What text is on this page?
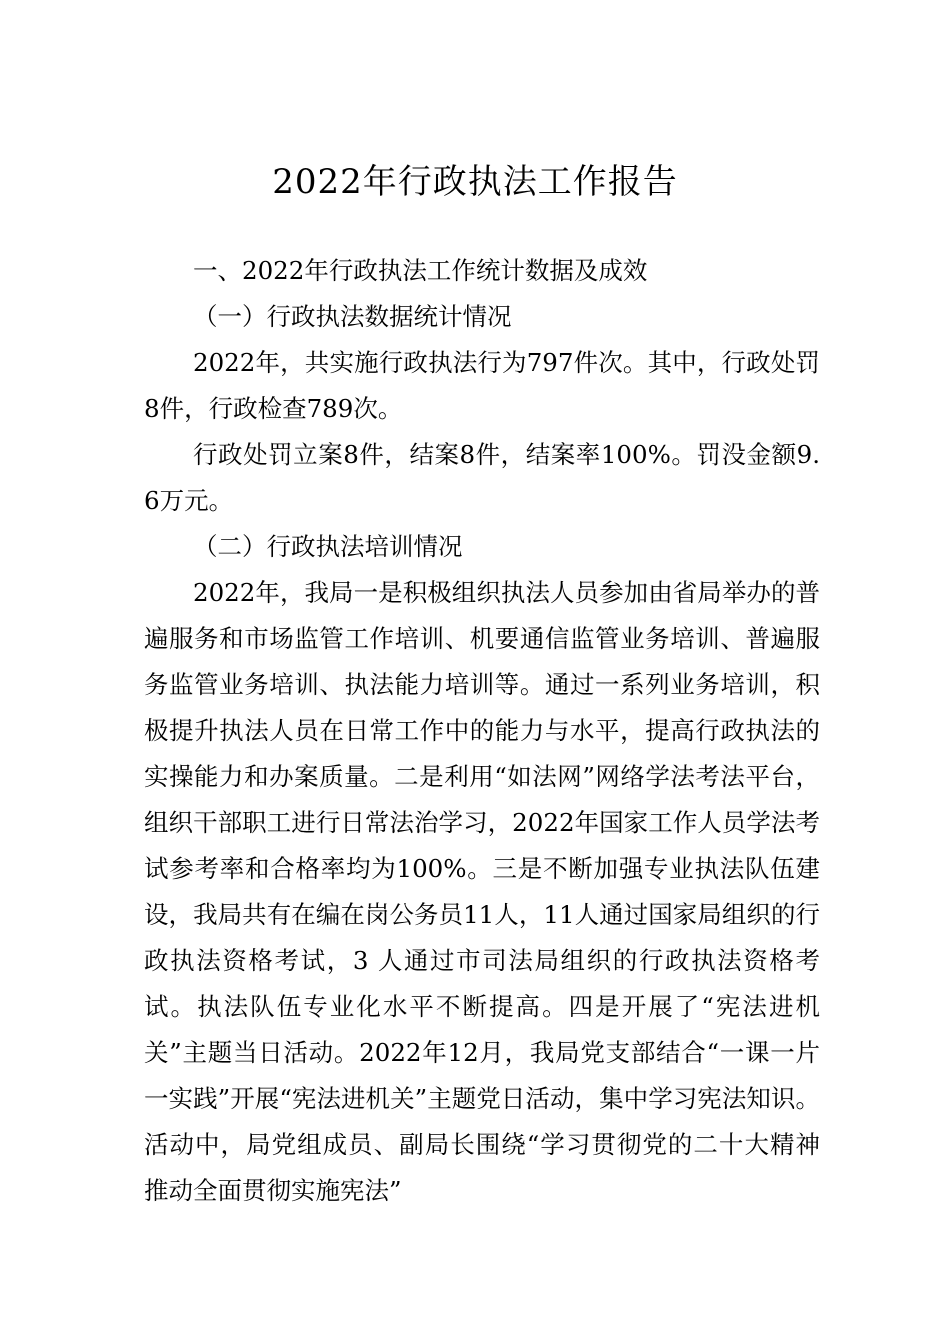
2022年行政执法工作报告

一、2022年行政执法工作统计数据及成效

（一）行政执法数据统计情况

2022年，共实施行政执法行为797件次。其中，行政处罚8件，行政检查789次。

行政处罚立案8件，结案8件，结案率100%。罚没金额9.6万元。

（二）行政执法培训情况

2022年，我局一是积极组织执法人员参加由省局举办的普遍服务和市场监管工作培训、机要通信监管业务培训、普遍服务监管业务培训、执法能力培训等。通过一系列业务培训，积极提升执法人员在日常工作中的能力与水平，提高行政执法的实操能力和办案质量。二是利用“如法网”网络学法考法平台，组织干部职工进行日常法治学习，2022年国家工作人员学法考试参考率和合格率均为100%。三是不断加强专业执法队伍建设，我局共有在编在岗公务员11人，11人通过国家局组织的行政执法资格考试，3 人通过市司法局组织的行政执法资格考试。执法队伍专业化水平不断提高。四是开展了“宪法进机关”主题当日活动。2022年12月，我局党支部结合“一课一片一实践”开展“宪法进机关”主题党日活动，集中学习宪法知识。活动中，局党组成员、副局长围绕“学习贯彻党的二十大精神 推动全面贯彻实施宪法”
